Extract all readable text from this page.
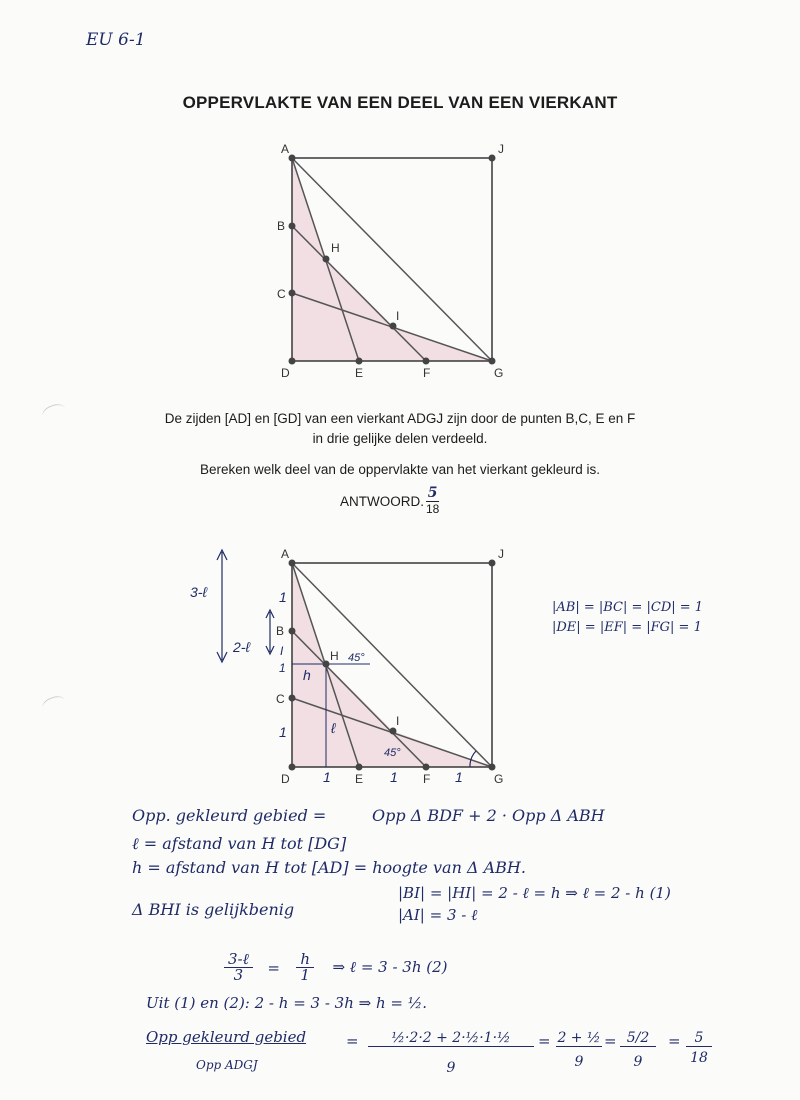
EU 6-1
OPPERVLAKTE VAN EEN DEEL VAN EEN VIERKANT
A	J
B
C
D	E	F	G
H
I
De zijden [AD] en [GD] van een vierkant ADGJ zijn door de punten B,C, E en F
in drie gelijke delen verdeeld.
Bereken welk deel van de oppervlakte van het vierkant gekleurd is.
ANTWOORD. $\frac{5}{18}$
A	J
B
C
D	E	F	G
H
I
3-ℓ
2-ℓ
1
I
1 h
ℓ
1
45°
45°
1	1	1
|AB| = |BC| = |CD| = 1
|DE| = |EF| = |FG| = 1
Opp. gekleurd gebied =	Opp Δ BDF + 2 · Opp Δ ABH
ℓ = afstand van H tot [DG]
h = afstand van H tot [AD] = hoogte van Δ ABH.
Δ BHI is gelijkbenig
|BI| = |HI| = 2 - ℓ = h ⇒ ℓ = 2 - h (1)
|AI| = 3 - ℓ
$\frac{\text{3-ℓ}}{3} = \frac{h}{1}$ ⇒ ℓ = 3 - 3h (2)
Uit (1) en (2): 2 - h = 3 - 3h ⇒ h = ½.
Opp gekleurd gebied
Opp ADGJ
=	½·2·2 + 2·½·1·½
9
= 2 + ½
9
= 5/2
9
= 5
18
